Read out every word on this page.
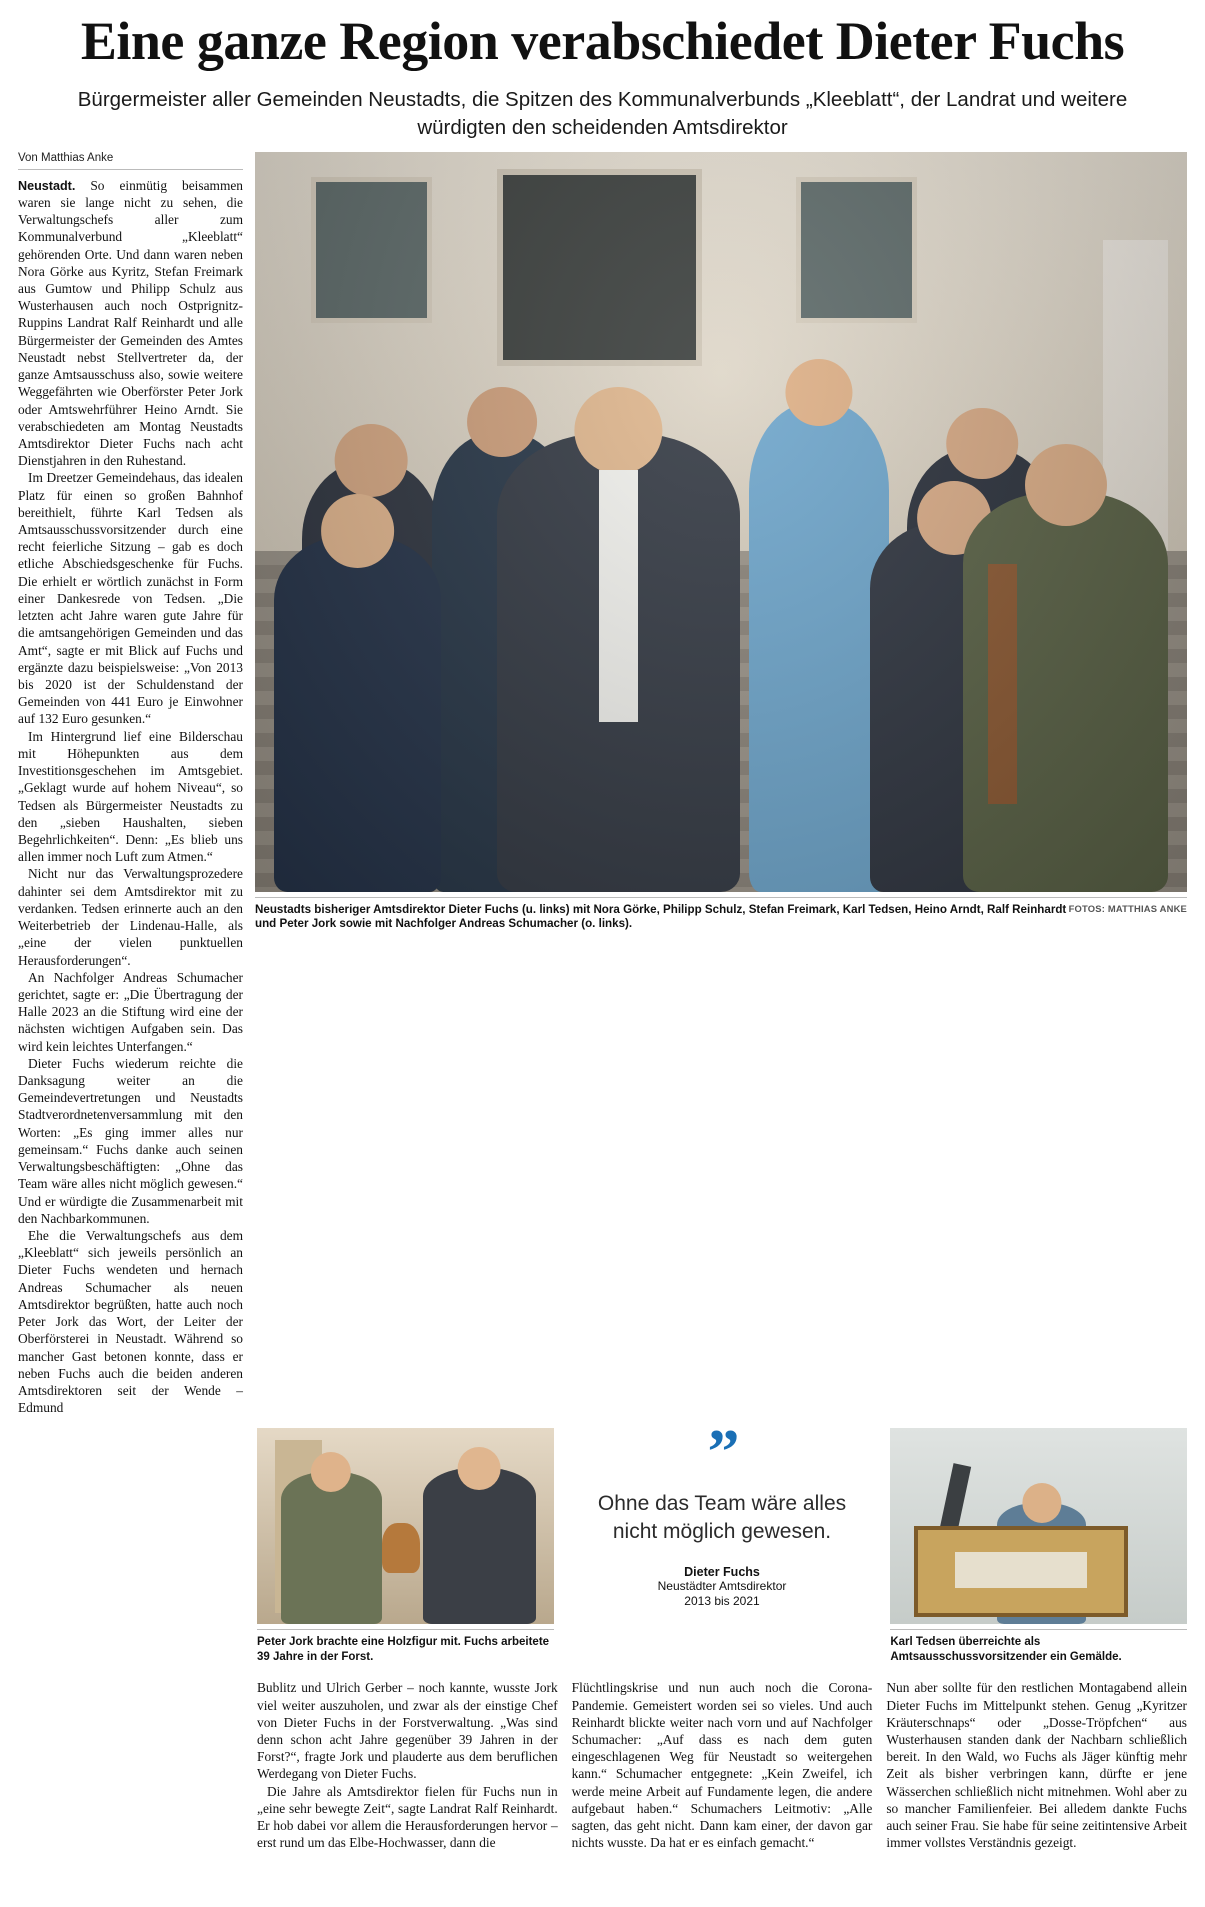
Eine ganze Region verabschiedet Dieter Fuchs
Bürgermeister aller Gemeinden Neustadts, die Spitzen des Kommunalverbunds „Kleeblatt“, der Landrat und weitere würdigten den scheidenden Amtsdirektor
Von Matthias Anke

Neustadt. So einmütig beisammen waren sie lange nicht zu sehen, die Verwaltungschefs aller zum Kommunalverbund „Kleeblatt“ gehörenden Orte. Und dann waren neben Nora Görke aus Kyritz, Stefan Freimark aus Gumtow und Philipp Schulz aus Wusterhausen auch noch Ostprignitz-Ruppins Landrat Ralf Reinhardt und alle Bürgermeister der Gemeinden des Amtes Neustadt nebst Stellvertreter da, der ganze Amtsausschuss also, sowie weitere Weggefährten wie Oberförster Peter Jork oder Amtswehrführer Heino Arndt. Sie verabschiedeten am Montag Neustadts Amtsdirektor Dieter Fuchs nach acht Dienstjahren in den Ruhestand.

Im Dreetzer Gemeindehaus, das idealen Platz für einen so großen Bahnhof bereithielt, führte Karl Tedsen als Amtsausschussvorsitzender durch eine recht feierliche Sitzung – gab es doch etliche Abschiedsgeschenke für Fuchs. Die erhielt er wörtlich zunächst in Form einer Dankesrede von Tedsen. „Die letzten acht Jahre waren gute Jahre für die amtsangehörigen Gemeinden und das Amt“, sagte er mit Blick auf Fuchs und ergänzte dazu beispielsweise: „Von 2013 bis 2020 ist der Schuldenstand der Gemeinden von 441 Euro je Einwohner auf 132 Euro gesunken.“

Im Hintergrund lief eine Bilderschau mit Höhepunkten aus dem Investitionsgeschehen im Amtsgebiet. „Geklagt wurde auf hohem Niveau“, so Tedsen als Bürgermeister Neustadts zu den „sieben Haushalten, sieben Begehrlichkeiten“. Denn: „Es blieb uns allen immer noch Luft zum Atmen.“

Nicht nur das Verwaltungsprozedere dahinter sei dem Amtsdirektor mit zu verdanken. Tedsen erinnerte auch an den Weiterbetrieb der Lindenau-Halle, als „eine der vielen punktuellen Herausforderungen“.

An Nachfolger Andreas Schumacher gerichtet, sagte er: „Die Übertragung der Halle 2023 an die Stiftung wird eine der nächsten wichtigen Aufgaben sein. Das wird kein leichtes Unterfangen.“

Dieter Fuchs wiederum reichte die Danksagung weiter an die Gemeindevertretungen und Neustadts Stadtverordnetenversammlung mit den Worten: „Es ging immer alles nur gemeinsam.“ Fuchs danke auch seinen Verwaltungsbeschäftigten: „Ohne das Team wäre alles nicht möglich gewesen.“ Und er würdigte die Zusammenarbeit mit den Nachbarkommunen.

Ehe die Verwaltungschefs aus dem „Kleeblatt“ sich jeweils persönlich an Dieter Fuchs wendeten und hernach Andreas Schumacher als neuen Amtsdirektor begrüßten, hatte auch noch Peter Jork das Wort, der Leiter der Oberförsterei in Neustadt. Während so mancher Gast betonen konnte, dass er neben Fuchs auch die beiden anderen Amtsdirektoren seit der Wende – Edmund

FOTOS: MATTHIAS ANKE
Neustadts bisheriger Amtsdirektor Dieter Fuchs (u. links) mit Nora Görke, Philipp Schulz, Stefan Freimark, Karl Tedsen, Heino Arndt, Ralf Reinhardt und Peter Jork sowie mit Nachfolger Andreas Schumacher (o. links).
Peter Jork brachte eine Holzfigur mit. Fuchs arbeitete 39 Jahre in der Forst.
”
Ohne das Team wäre alles nicht möglich gewesen.
Dieter Fuchs
Neustädter Amtsdirektor
2013 bis 2021
Karl Tedsen überreichte als Amtsausschussvorsitzender ein Gemälde.

Bublitz und Ulrich Gerber – noch kannte, wusste Jork viel weiter auszuholen, und zwar als der einstige Chef von Dieter Fuchs in der Forstverwaltung. „Was sind denn schon acht Jahre gegenüber 39 Jahren in der Forst?“, fragte Jork und plauderte aus dem beruflichen Werdegang von Dieter Fuchs.

Die Jahre als Amtsdirektor fielen für Fuchs nun in „eine sehr bewegte Zeit“, sagte Landrat Ralf Reinhardt. Er hob dabei vor allem die Herausforderungen hervor – erst rund um das Elbe-Hochwasser, dann die

Flüchtlingskrise und nun auch noch die Corona-Pandemie. Gemeistert worden sei so vieles. Und auch Reinhardt blickte weiter nach vorn und auf Nachfolger Schumacher: „Auf dass es nach dem guten eingeschlagenen Weg für Neustadt so weitergehen kann.“ Schumacher entgegnete: „Kein Zweifel, ich werde meine Arbeit auf Fundamente legen, die andere aufgebaut haben.“ Schumachers Leitmotiv: „Alle sagten, das geht nicht. Dann kam einer, der davon gar nichts wusste. Da hat er es einfach gemacht.“

Nun aber sollte für den restlichen Montagabend allein Dieter Fuchs im Mittelpunkt stehen. Genug „Kyritzer Kräuterschnaps“ oder „Dosse-Tröpfchen“ aus Wusterhausen standen dank der Nachbarn schließlich bereit. In den Wald, wo Fuchs als Jäger künftig mehr Zeit als bisher verbringen kann, dürfte er jene Wässerchen schließlich nicht mitnehmen. Wohl aber zu so mancher Familienfeier. Bei alledem dankte Fuchs auch seiner Frau. Sie habe für seine zeitintensive Arbeit immer vollstes Verständnis gezeigt.
